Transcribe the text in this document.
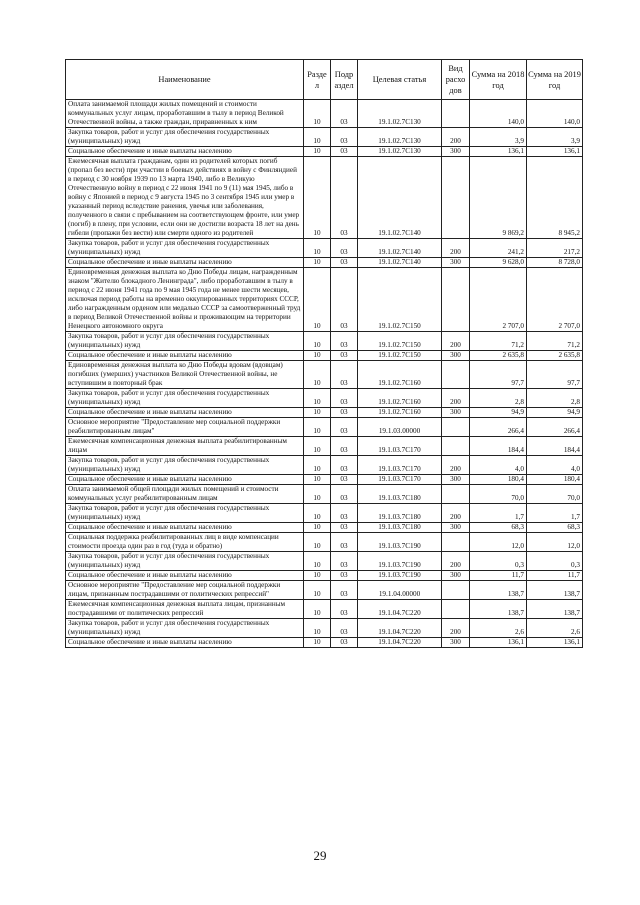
Наименование	Разде л	Подр аздел	Целевая статья	Вид расхо дов	Сумма на 2018 год	Сумма на 2019 год
Оплата занимаемой площади жилых помещений и стоимости коммунальных услуг лицам, проработавшим в тылу в период Великой Отечественной войны, а также граждан, приравненных к ним	10	03	19.1.02.7С130		140,0	140,0
Закупка товаров, работ и услуг для обеспечения государственных (муниципальных) нужд	10	03	19.1.02.7С130	200	3,9	3,9
Социальное обеспечение и иные выплаты населению	10	03	19.1.02.7С130	300	136,1	136,1
Ежемесячная выплата гражданам, один из родителей которых погиб (пропал без вести) при участии в боевых действиях в войну с Финляндией в период с 30 ноября 1939 по 13 марта 1940, либо в Великую Отечественную войну в период с 22 июня 1941 по 9 (11) мая 1945, либо в войну с Японией в период с 9 августа 1945 по 3 сентября 1945 или умер в указанный период вследствие ранения, увечья или заболевания, полученного в связи с пребыванием на соответствующем фронте, или умер (погиб) в плену, при условии, если они не достигли возраста 18 лет на день гибели (пропажи без вести) или смерти одного из родителей	10	03	19.1.02.7С140		9 869,2	8 945,2
Закупка товаров, работ и услуг для обеспечения государственных (муниципальных) нужд	10	03	19.1.02.7С140	200	241,2	217,2
Социальное обеспечение и иные выплаты населению	10	03	19.1.02.7С140	300	9 628,0	8 728,0
Единовременная денежная выплата ко Дню Победы лицам, награжденным знаком "Жителю блокадного Ленинграда", либо проработавшим в тылу в период с 22 июня 1941 года по 9 мая 1945 года не менее шести месяцев, исключая период работы на временно оккупированных территориях СССР, либо награжденным орденом или медалью СССР за самоотверженный труд в период Великой Отечественной войны и проживающим на территории Ненецкого автономного округа	10	03	19.1.02.7С150		2 707,0	2 707,0
Закупка товаров, работ и услуг для обеспечения государственных (муниципальных) нужд	10	03	19.1.02.7С150	200	71,2	71,2
Социальное обеспечение и иные выплаты населению	10	03	19.1.02.7С150	300	2 635,8	2 635,8
Единовременная денежная выплата ко Дню Победы вдовам (вдовцам) погибших (умерших) участников Великой Отечественной войны, не вступившим в повторный брак	10	03	19.1.02.7С160		97,7	97,7
Закупка товаров, работ и услуг для обеспечения государственных (муниципальных) нужд	10	03	19.1.02.7С160	200	2,8	2,8
Социальное обеспечение и иные выплаты населению	10	03	19.1.02.7С160	300	94,9	94,9
Основное мероприятие "Предоставление мер социальной поддержки реабилитированным лицам"	10	03	19.1.03.00000		266,4	266,4
Ежемесячная компенсационная денежная выплата реабилитированным лицам	10	03	19.1.03.7С170		184,4	184,4
Закупка товаров, работ и услуг для обеспечения государственных (муниципальных) нужд	10	03	19.1.03.7С170	200	4,0	4,0
Социальное обеспечение и иные выплаты населению	10	03	19.1.03.7С170	300	180,4	180,4
Оплата занимаемой общей площади жилых помещений и стоимости коммунальных услуг реабилитированным лицам	10	03	19.1.03.7С180		70,0	70,0
Закупка товаров, работ и услуг для обеспечения государственных (муниципальных) нужд	10	03	19.1.03.7С180	200	1,7	1,7
Социальное обеспечение и иные выплаты населению	10	03	19.1.03.7С180	300	68,3	68,3
Социальная поддержка реабилитированных лиц в виде компенсации стоимости проезда один раз в год (туда и обратно)	10	03	19.1.03.7С190		12,0	12,0
Закупка товаров, работ и услуг для обеспечения государственных (муниципальных) нужд	10	03	19.1.03.7С190	200	0,3	0,3
Социальное обеспечение и иные выплаты населению	10	03	19.1.03.7С190	300	11,7	11,7
Основное мероприятие "Предоставление мер социальной поддержки лицам, признанным пострадавшими от политических репрессий"	10	03	19.1.04.00000		138,7	138,7
Ежемесячная компенсационная денежная выплата лицам, признанным пострадавшими от политических репрессий	10	03	19.1.04.7С220		138,7	138,7
Закупка товаров, работ и услуг для обеспечения государственных (муниципальных) нужд	10	03	19.1.04.7С220	200	2,6	2,6
Социальное обеспечение и иные выплаты населению	10	03	19.1.04.7С220	300	136,1	136,1
29
